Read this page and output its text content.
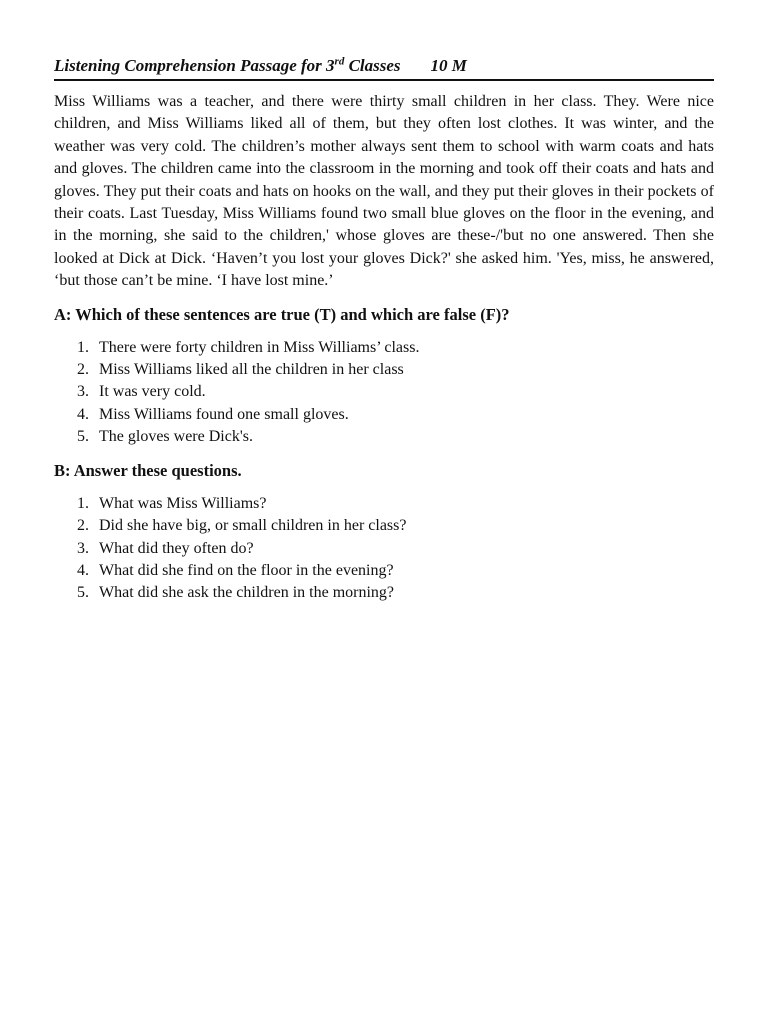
Listening Comprehension Passage for 3rd Classes 10 M

Miss Williams was a teacher, and there were thirty small children in her class. They. Were nice children, and Miss Williams liked all of them, but they often lost clothes. It was winter, and the weather was very cold. The children’s mother always sent them to school with warm coats and hats and gloves. The children came into the classroom in the morning and took off their coats and hats and gloves. They put their coats and hats on hooks on the wall, and they put their gloves in their pockets of their coats. Last Tuesday, Miss Williams found two small blue gloves on the floor in the evening, and in the morning, she said to the children,' whose gloves are these-/'but no one answered. Then she looked at Dick at Dick. ‘Haven’t you lost your gloves Dick?' she asked him. 'Yes, miss, he answered, ‘but those can’t be mine. ‘I have lost mine.’

A: Which of these sentences are true (T) and which are false (F)?
1. There were forty children in Miss Williams’ class.
2. Miss Williams liked all the children in her class
3. It was very cold.
4. Miss Williams found one small gloves.
5. The gloves were Dick's.
B: Answer these questions.
1. What was Miss Williams?
2. Did she have big, or small children in her class?
3. What did they often do?
4. What did she find on the floor in the evening?
5. What did she ask the children in the morning?
